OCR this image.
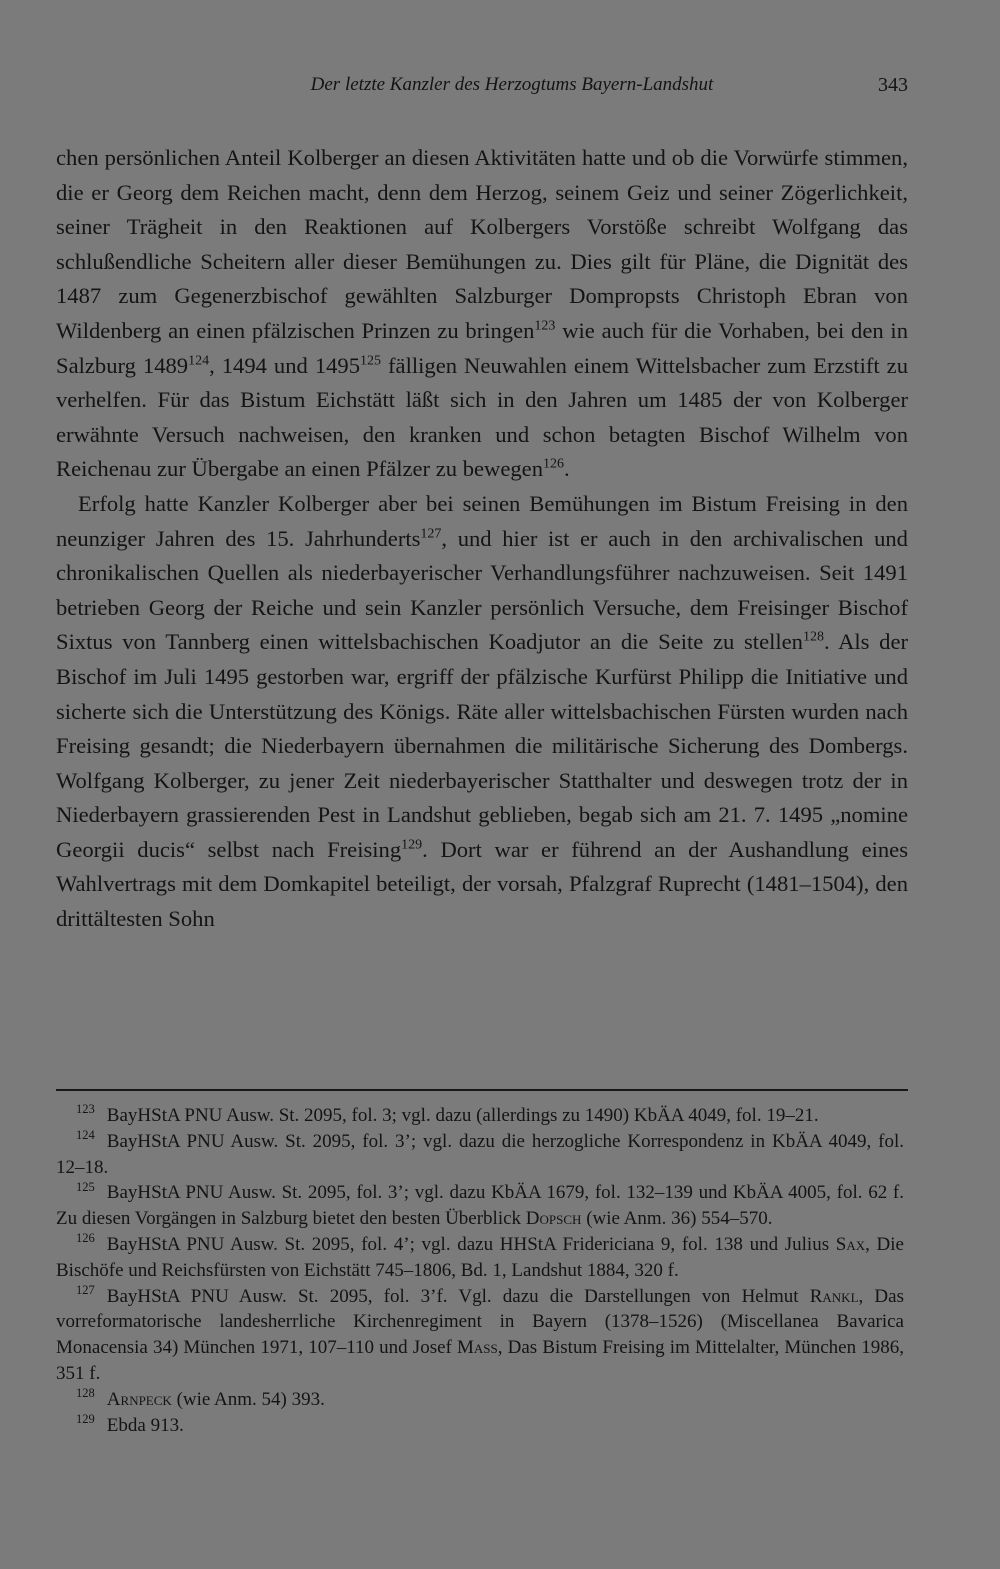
Der letzte Kanzler des Herzogtums Bayern-Landshut	343

chen persönlichen Anteil Kolberger an diesen Aktivitäten hatte und ob die Vorwürfe stimmen, die er Georg dem Reichen macht, denn dem Herzog, seinem Geiz und seiner Zögerlichkeit, seiner Trägheit in den Reaktionen auf Kolbergers Vorstöße schreibt Wolfgang das schlußendliche Scheitern aller dieser Bemühungen zu. Dies gilt für Pläne, die Dignität des 1487 zum Gegenerzbischof gewählten Salzburger Dompropsts Christoph Ebran von Wildenberg an einen pfälzischen Prinzen zu bringen$^{123}$ wie auch für die Vorhaben, bei den in Salzburg 1489$^{124}$, 1494 und 1495$^{125}$ fälligen Neuwahlen einem Wittelsbacher zum Erzstift zu verhelfen. Für das Bistum Eichstätt läßt sich in den Jahren um 1485 der von Kolberger erwähnte Versuch nachweisen, den kranken und schon betagten Bischof Wilhelm von Reichenau zur Übergabe an einen Pfälzer zu bewegen$^{126}$.

Erfolg hatte Kanzler Kolberger aber bei seinen Bemühungen im Bistum Freising in den neunziger Jahren des 15. Jahrhunderts$^{127}$, und hier ist er auch in den archivalischen und chronikalischen Quellen als niederbayerischer Verhandlungsführer nachzuweisen. Seit 1491 betrieben Georg der Reiche und sein Kanzler persönlich Versuche, dem Freisinger Bischof Sixtus von Tannberg einen wittelsbachischen Koadjutor an die Seite zu stellen$^{128}$. Als der Bischof im Juli 1495 gestorben war, ergriff der pfälzische Kurfürst Philipp die Initiative und sicherte sich die Unterstützung des Königs. Räte aller wittelsbachischen Fürsten wurden nach Freising gesandt; die Niederbayern übernahmen die militärische Sicherung des Dombergs. Wolfgang Kolberger, zu jener Zeit niederbayerischer Statthalter und deswegen trotz der in Niederbayern grassierenden Pest in Landshut geblieben, begab sich am 21. 7. 1495 „nomine Georgii ducis“ selbst nach Freising$^{129}$. Dort war er führend an der Aushandlung eines Wahlvertrags mit dem Domkapitel beteiligt, der vorsah, Pfalzgraf Ruprecht (1481–1504), den drittältesten Sohn

$^{123}$ BayHStA PNU Ausw. St. 2095, fol. 3; vgl. dazu (allerdings zu 1490) KbÄA 4049, fol. 19–21.

$^{124}$ BayHStA PNU Ausw. St. 2095, fol. 3’; vgl. dazu die herzogliche Korrespondenz in KbÄA 4049, fol. 12–18.

$^{125}$ BayHStA PNU Ausw. St. 2095, fol. 3’; vgl. dazu KbÄA 1679, fol. 132–139 und KbÄA 4005, fol. 62 f. Zu diesen Vorgängen in Salzburg bietet den besten Überblick Dopsch (wie Anm. 36) 554–570.

$^{126}$ BayHStA PNU Ausw. St. 2095, fol. 4’; vgl. dazu HHStA Fridericiana 9, fol. 138 und Julius Sax, Die Bischöfe und Reichsfürsten von Eichstätt 745–1806, Bd. 1, Landshut 1884, 320 f.

$^{127}$ BayHStA PNU Ausw. St. 2095, fol. 3’f. Vgl. dazu die Darstellungen von Helmut Rankl, Das vorreformatorische landesherrliche Kirchenregiment in Bayern (1378–1526) (Miscellanea Bavarica Monacensia 34) München 1971, 107–110 und Josef Mass, Das Bistum Freising im Mittelalter, München 1986, 351 f.

$^{128}$ Arnpeck (wie Anm. 54) 393.

$^{129}$ Ebda 913.
